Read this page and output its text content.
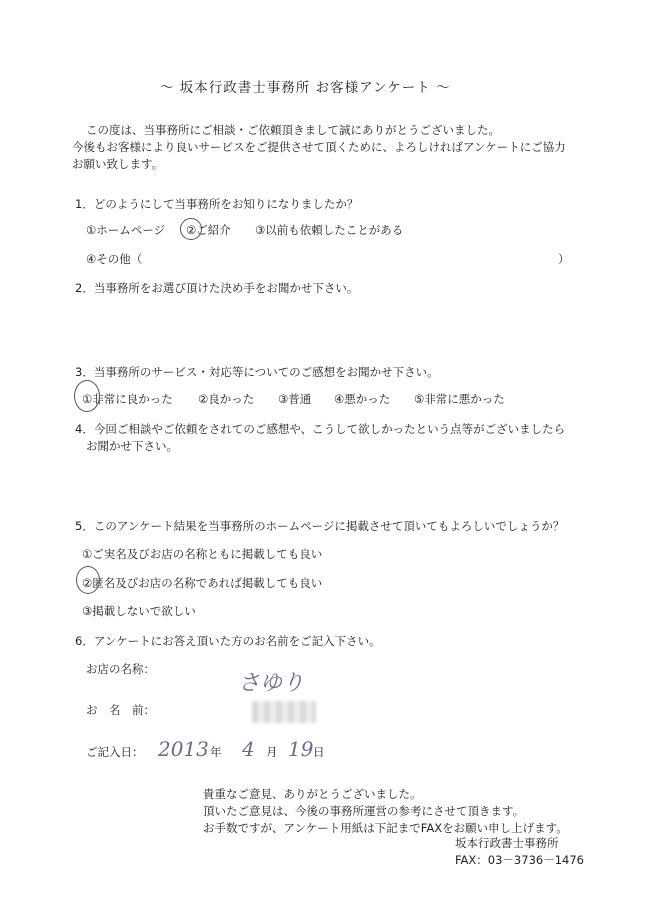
～ 坂本行政書士事務所 お客様アンケート ～
この度は、当事務所にご相談・ご依頼頂きまして誠にありがとうございました。
今後もお客様により良いサービスをご提供させて頂くために、よろしければアンケートにご協力
お願い致します。
1．どのようにして当事務所をお知りになりましたか？
①ホームページ ②ご紹介 ③以前も依頼したことがある
④その他（	）
2．当事務所をお選び頂けた決め手をお聞かせ下さい。
3．当事務所のサービス・対応等についてのご感想をお聞かせ下さい。
①非常に良かった ②良かった ③普通 ④悪かった ⑤非常に悪かった
4．今回ご相談やご依頼をされてのご感想や、こうして欲しかったという点等がございましたら
お聞かせ下さい。
5．このアンケート結果を当事務所のホームページに掲載させて頂いてもよろしいでしょうか？
①ご実名及びお店の名称ともに掲載しても良い
②匿名及びお店の名称であれば掲載しても良い
③掲載しないで欲しい
6．アンケートにお答え頂いた方のお名前をご記入下さい。
お店の名称：
さゆり
お　名　前：
ご記入日： 2013 年 4 月 19 日
貴重なご意見、ありがとうございました。
頂いたご意見は、今後の事務所運営の参考にさせて頂きます。
お手数ですが、アンケート用紙は下記までFAXをお願い申し上げます。
坂本行政書士事務所
FAX：03－3736－1476
